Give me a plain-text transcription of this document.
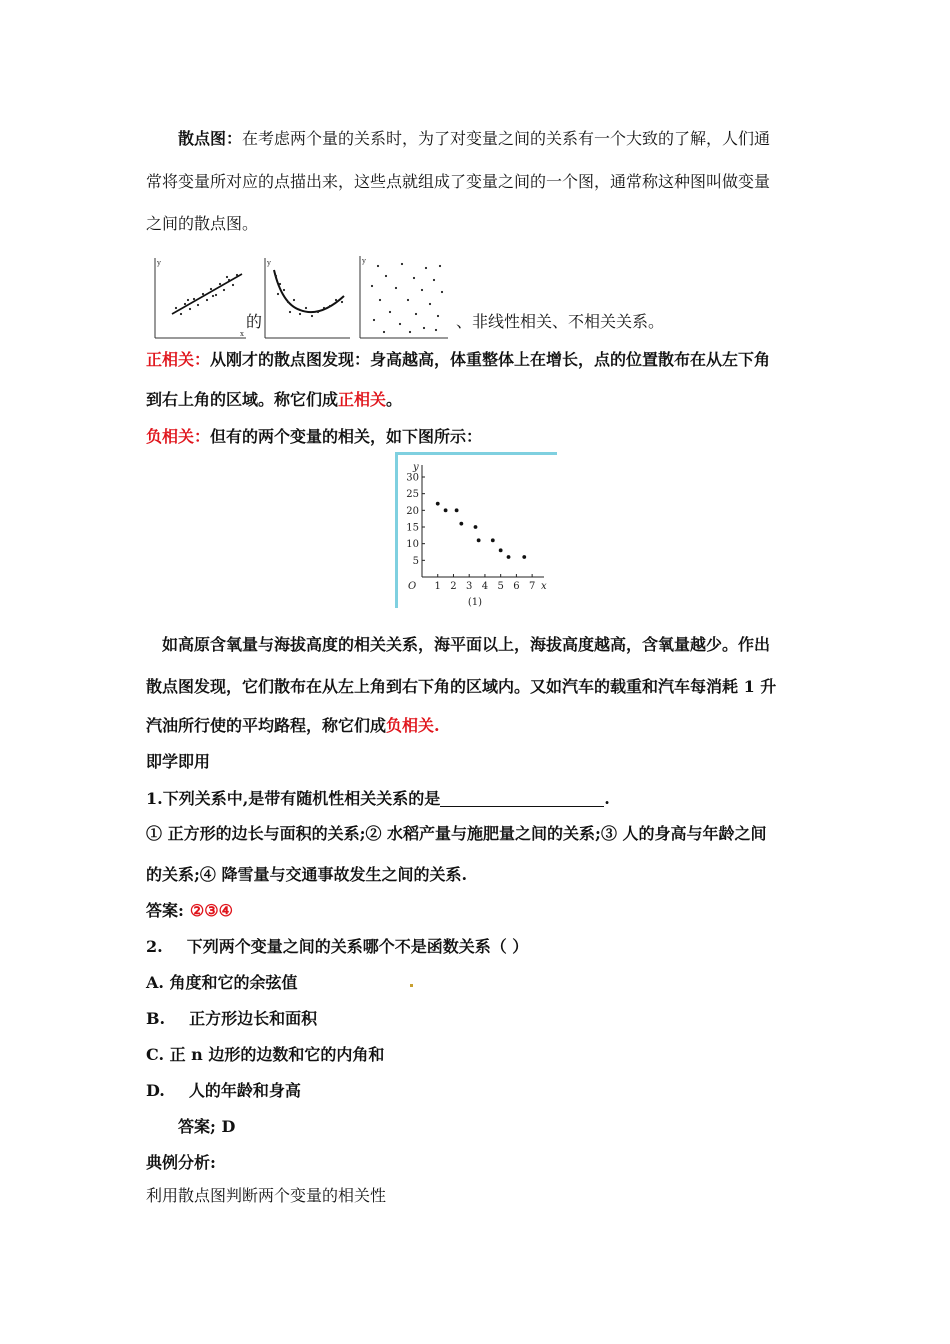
散点图：在考虑两个量的关系时，为了对变量之间的关系有一个大致的了解，人们通
常将变量所对应的点描出来，这些点就组成了变量之间的一个图，通常称这种图叫做变量
之间的散点图。
y
x
y	y
的	、非线性相关、不相关关系。
正相关：从刚才的散点图发现：身高越高，体重整体上在增长，点的位置散布在从左下角
到右上角的区域。称它们成正相关。
负相关：但有的两个变量的相关，如下图所示：
y
x
O
5
10
15
20
25
30
1 2 3 4 5 6 7
(1)
如高原含氧量与海拔高度的相关关系，海平面以上，海拔高度越高，含氧量越少。作出
散点图发现，它们散布在从左上角到右下角的区域内。又如汽车的载重和汽车每消耗 1 升
汽油所行使的平均路程，称它们成负相关.
即学即用
1.下列关系中,是带有随机性相关关系的是	.
① 正方形的边长与面积的关系;② 水稻产量与施肥量之间的关系;③ 人的身高与年龄之间
的关系;④ 降雪量与交通事故发生之间的关系.
答案: ②③④
2. 下列两个变量之间的关系哪个不是函数关系（ ）
A. 角度和它的余弦值
B. 正方形边长和面积
C. 正 n 边形的边数和它的内角和
D. 人的年龄和身高
答案; D
典例分析:
利用散点图判断两个变量的相关性
